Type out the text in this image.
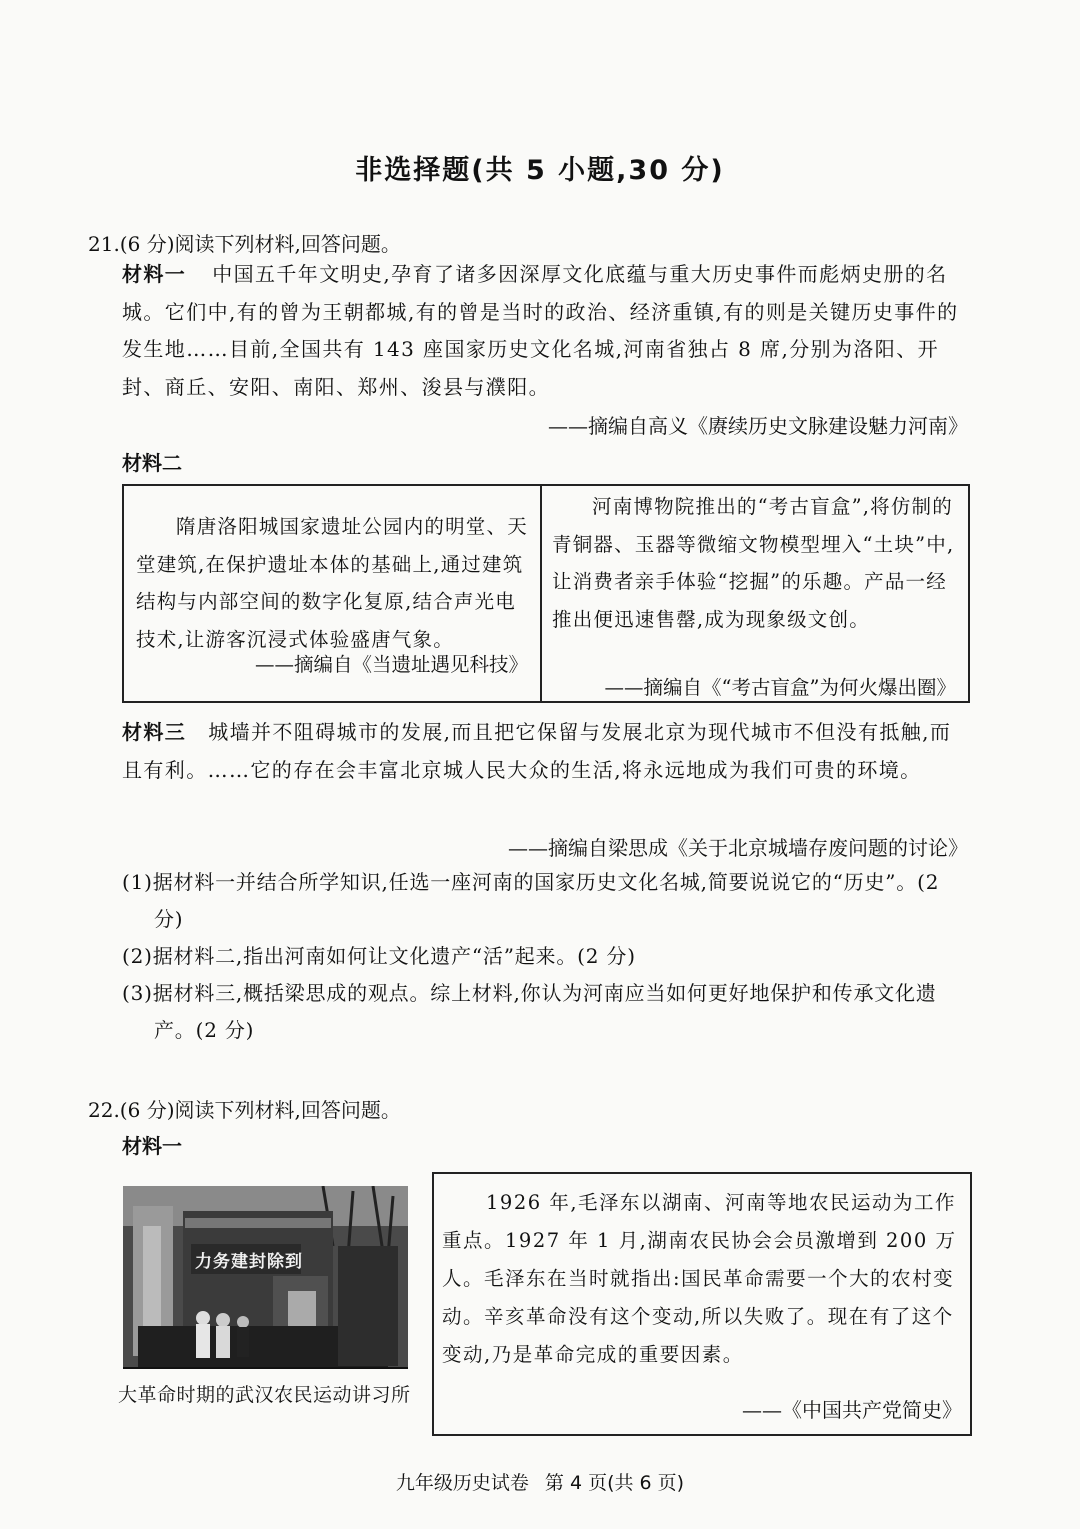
非选择题(共 5 小题,30 分)
21.(6 分)阅读下列材料,回答问题。
材料一 中国五千年文明史,孕育了诸多因深厚文化底蕴与重大历史事件而彪炳史册的名城。它们中,有的曾为王朝都城,有的曾是当时的政治、经济重镇,有的则是关键历史事件的发生地……目前,全国共有 143 座国家历史文化名城,河南省独占 8 席,分别为洛阳、开封、商丘、安阳、南阳、郑州、浚县与濮阳。
——摘编自高义《赓续历史文脉建设魅力河南》
材料二
隋唐洛阳城国家遗址公园内的明堂、天堂建筑,在保护遗址本体的基础上,通过建筑结构与内部空间的数字化复原,结合声光电技术,让游客沉浸式体验盛唐气象。
——摘编自《当遗址遇见科技》
河南博物院推出的“考古盲盒”,将仿制的青铜器、玉器等微缩文物模型埋入“土块”中,让消费者亲手体验“挖掘”的乐趣。产品一经推出便迅速售罄,成为现象级文创。
——摘编自《“考古盲盒”为何火爆出圈》
材料三 城墙并不阻碍城市的发展,而且把它保留与发展北京为现代城市不但没有抵触,而且有利。……它的存在会丰富北京城人民大众的生活,将永远地成为我们可贵的环境。
——摘编自梁思成《关于北京城墙存废问题的讨论》
(1)据材料一并结合所学知识,任选一座河南的国家历史文化名城,简要说说它的“历史”。(2 分)
(2)据材料二,指出河南如何让文化遗产“活”起来。(2 分)
(3)据材料三,概括梁思成的观点。综上材料,你认为河南应当如何更好地保护和传承文化遗产。(2 分)
22.(6 分)阅读下列材料,回答问题。
材料一
力务建封除到
大革命时期的武汉农民运动讲习所
1926 年,毛泽东以湖南、河南等地农民运动为工作重点。1927 年 1 月,湖南农民协会会员激增到 200 万人。毛泽东在当时就指出:国民革命需要一个大的农村变动。辛亥革命没有这个变动,所以失败了。现在有了这个变动,乃是革命完成的重要因素。
——《中国共产党简史》
九年级历史试卷 第 4 页(共 6 页)
